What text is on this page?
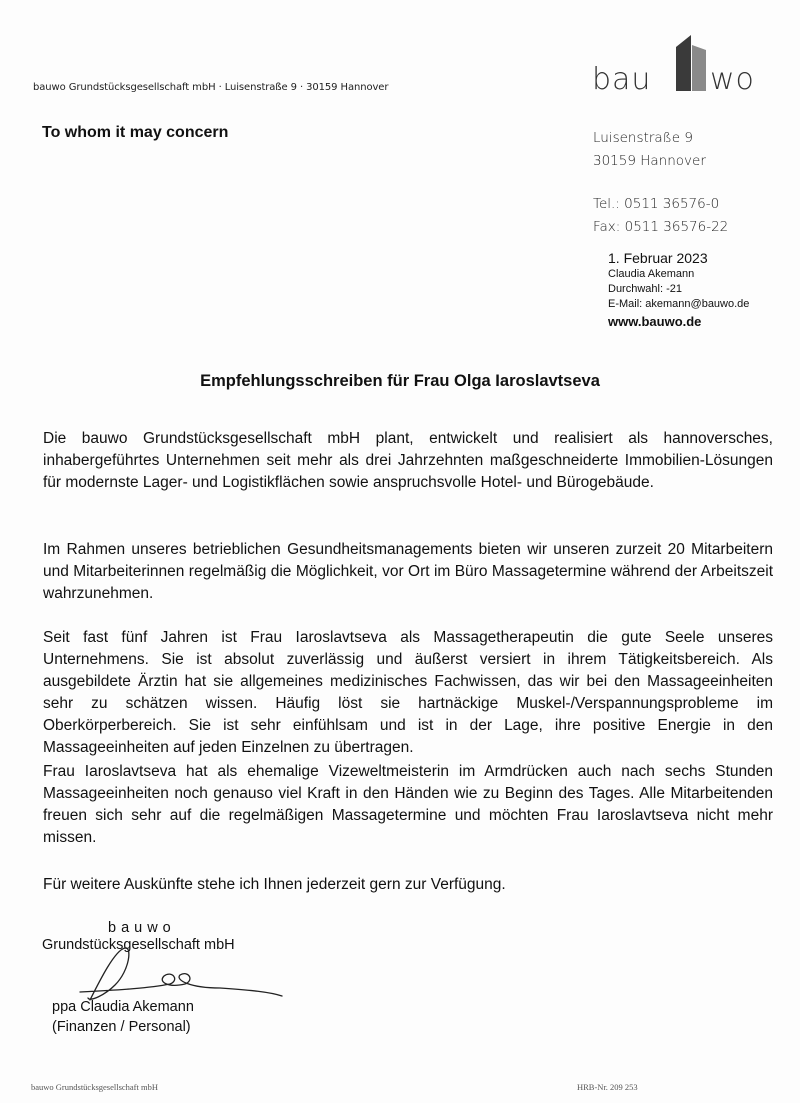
bauwo Grundstücksgesellschaft mbH · Luisenstraße 9 · 30159 Hannover
To whom it may concern
bau wo
Luisenstraße 9
30159 Hannover
Tel.: 0511 36576-0
Fax: 0511 36576-22
1. Februar 2023
Claudia Akemann
Durchwahl: -21
E-Mail: akemann@bauwo.de
www.bauwo.de
Empfehlungsschreiben für Frau Olga Iaroslavtseva

Die bauwo Grundstücksgesellschaft mbH plant, entwickelt und realisiert als hannoversches, inhabergeführtes Unternehmen seit mehr als drei Jahrzehnten maßgeschneiderte Immobilien-Lösungen für modernste Lager- und Logistikflächen sowie anspruchsvolle Hotel- und Bürogebäude.

Im Rahmen unseres betrieblichen Gesundheitsmanagements bieten wir unseren zurzeit 20 Mitarbeitern und Mitarbeiterinnen regelmäßig die Möglichkeit, vor Ort im Büro Massagetermine während der Arbeitszeit wahrzunehmen.

Seit fast fünf Jahren ist Frau Iaroslavtseva als Massagetherapeutin die gute Seele unseres Unternehmens. Sie ist absolut zuverlässig und äußerst versiert in ihrem Tätigkeitsbereich. Als ausgebildete Ärztin hat sie allgemeines medizinisches Fachwissen, das wir bei den Massageeinheiten sehr zu schätzen wissen. Häufig löst sie hartnäckige Muskel-/Verspannungsprobleme im Oberkörperbereich. Sie ist sehr einfühlsam und ist in der Lage, ihre positive Energie in den Massageeinheiten auf jeden Einzelnen zu übertragen.

Frau Iaroslavtseva hat als ehemalige Vizeweltmeisterin im Armdrücken auch nach sechs Stunden Massageeinheiten noch genauso viel Kraft in den Händen wie zu Beginn des Tages. Alle Mitarbeitenden freuen sich sehr auf die regelmäßigen Massagetermine und möchten Frau Iaroslavtseva nicht mehr missen.

Für weitere Auskünfte stehe ich Ihnen jederzeit gern zur Verfügung.
bauwo
Grundstücksgesellschaft mbH
ppa Claudia Akemann
(Finanzen / Personal)
bauwo Grundstücksgesellschaft mbH	HRB-Nr. 209 253
